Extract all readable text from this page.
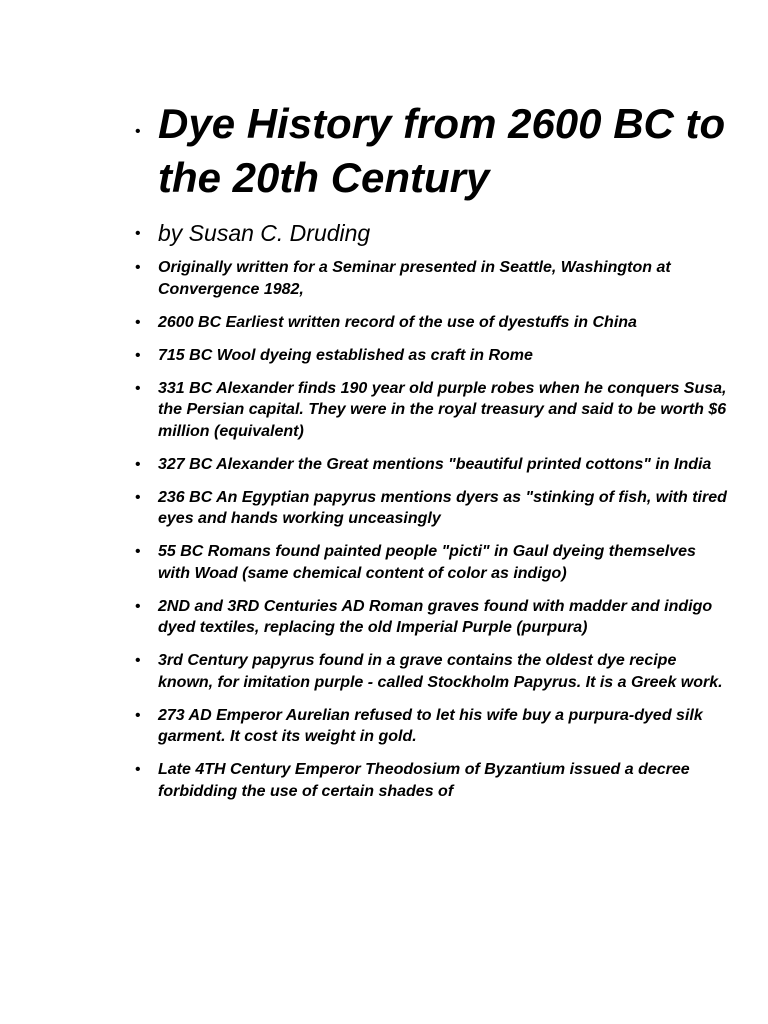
• Dye History from 2600 BC to the 20th Century
• by Susan C. Druding
• Originally written for a Seminar presented in Seattle, Washington at Convergence 1982,
• 2600 BC Earliest written record of the use of dyestuffs in China
• 715 BC Wool dyeing established as craft in Rome
• 331 BC Alexander finds 190 year old purple robes when he conquers Susa, the Persian capital. They were in the royal treasury and said to be worth $6 million (equivalent)
• 327 BC Alexander the Great mentions "beautiful printed cottons" in India
• 236 BC An Egyptian papyrus mentions dyers as "stinking of fish, with tired eyes and hands working unceasingly
• 55 BC Romans found painted people "picti" in Gaul dyeing themselves with Woad (same chemical content of color as indigo)
• 2ND and 3RD Centuries AD Roman graves found with madder and indigo dyed textiles, replacing the old Imperial Purple (purpura)
• 3rd Century papyrus found in a grave contains the oldest dye recipe known, for imitation purple - called Stockholm Papyrus. It is a Greek work.
• 273 AD Emperor Aurelian refused to let his wife buy a purpura-dyed silk garment. It cost its weight in gold.
• Late 4TH Century Emperor Theodosium of Byzantium issued a decree forbidding the use of certain shades of
